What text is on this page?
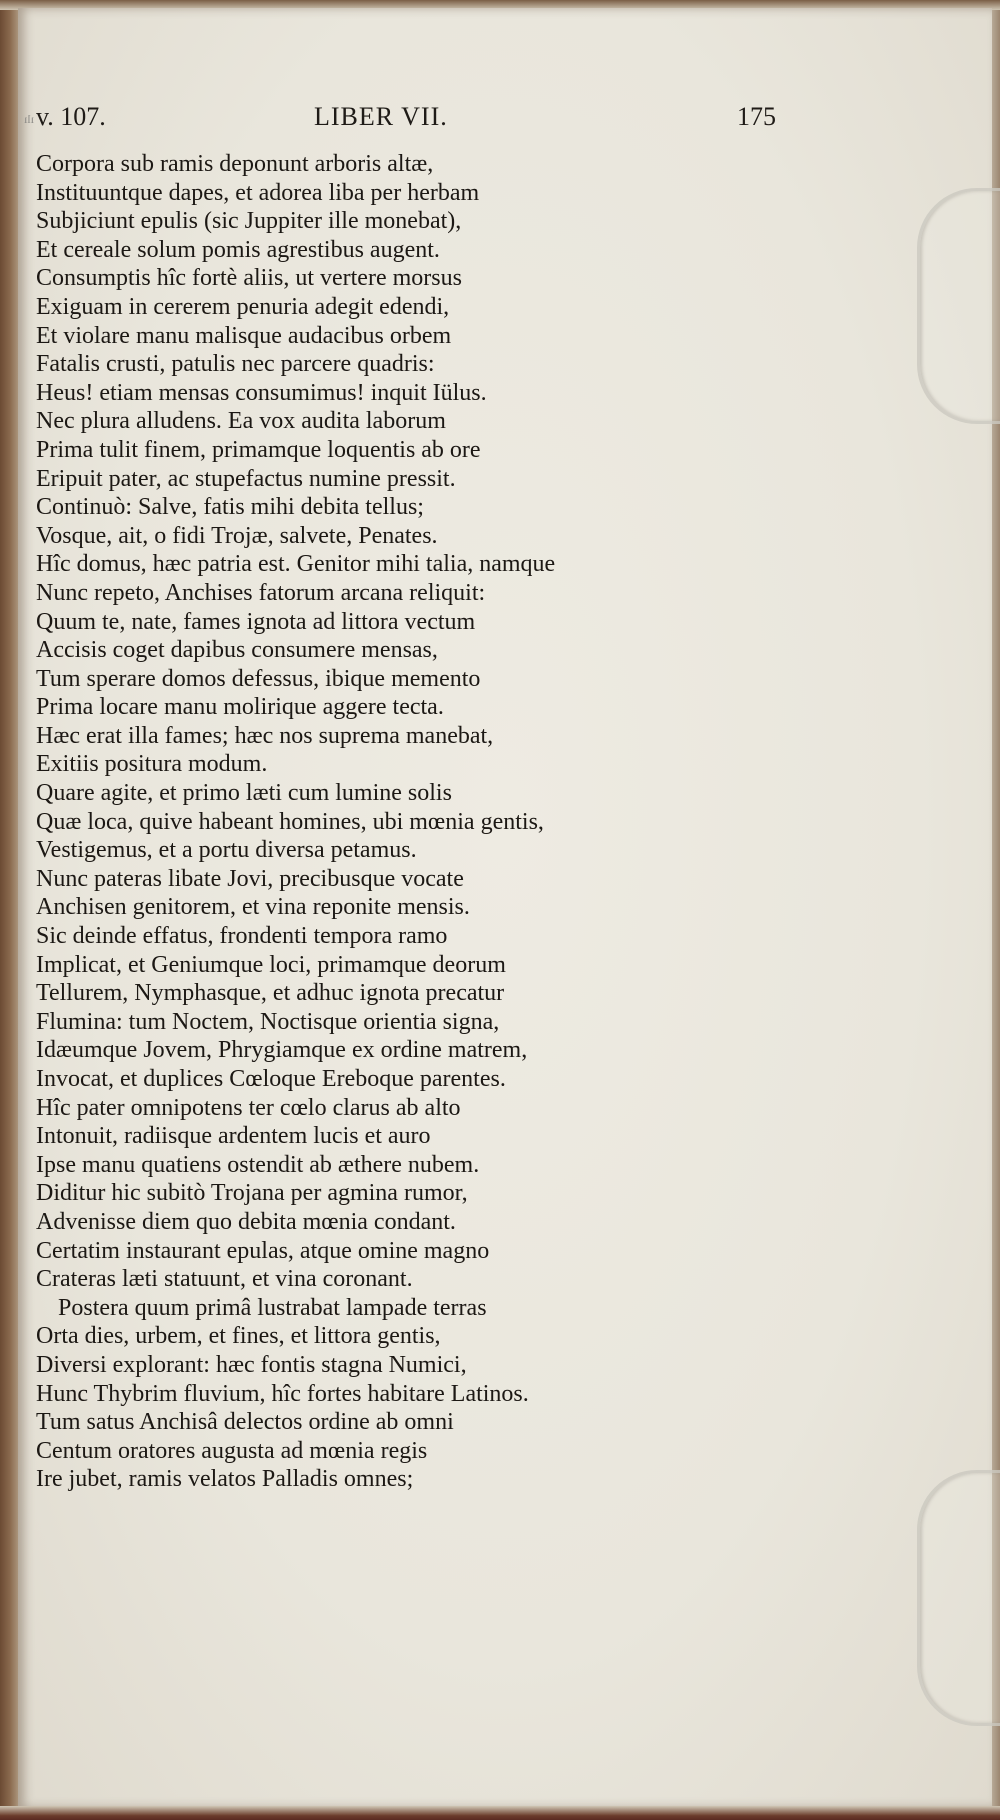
ılı v. 107.	LIBER VII.	175
Corpora sub ramis deponunt arboris altæ,
Instituuntque dapes, et adorea liba per herbam
Subjiciunt epulis (sic Juppiter ille monebat),
Et cereale solum pomis agrestibus augent.
Consumptis hîc fortè aliis, ut vertere morsus
Exiguam in cererem penuria adegit edendi,
Et violare manu malisque audacibus orbem
Fatalis crusti, patulis nec parcere quadris:
Heus! etiam mensas consumimus! inquit Iülus.
Nec plura alludens. Ea vox audita laborum
Prima tulit finem, primamque loquentis ab ore
Eripuit pater, ac stupefactus numine pressit.
Continuò: Salve, fatis mihi debita tellus;
Vosque, ait, o fidi Trojæ, salvete, Penates.
Hîc domus, hæc patria est. Genitor mihi talia, namque
Nunc repeto, Anchises fatorum arcana reliquit:
Quum te, nate, fames ignota ad littora vectum
Accisis coget dapibus consumere mensas,
Tum sperare domos defessus, ibique memento
Prima locare manu molirique aggere tecta.
Hæc erat illa fames; hæc nos suprema manebat,
Exitiis positura modum.
Quare agite, et primo læti cum lumine solis
Quæ loca, quive habeant homines, ubi mœnia gentis,
Vestigemus, et a portu diversa petamus.
Nunc pateras libate Jovi, precibusque vocate
Anchisen genitorem, et vina reponite mensis.
Sic deinde effatus, frondenti tempora ramo
Implicat, et Geniumque loci, primamque deorum
Tellurem, Nymphasque, et adhuc ignota precatur
Flumina: tum Noctem, Noctisque orientia signa,
Idæumque Jovem, Phrygiamque ex ordine matrem,
Invocat, et duplices Cœloque Ereboque parentes.
Hîc pater omnipotens ter cœlo clarus ab alto
Intonuit, radiisque ardentem lucis et auro
Ipse manu quatiens ostendit ab æthere nubem.
Diditur hic subitò Trojana per agmina rumor,
Advenisse diem quo debita mœnia condant.
Certatim instaurant epulas, atque omine magno
Crateras læti statuunt, et vina coronant.
Postera quum primâ lustrabat lampade terras
Orta dies, urbem, et fines, et littora gentis,
Diversi explorant: hæc fontis stagna Numici,
Hunc Thybrim fluvium, hîc fortes habitare Latinos.
Tum satus Anchisâ delectos ordine ab omni
Centum oratores augusta ad mœnia regis
Ire jubet, ramis velatos Palladis omnes;
